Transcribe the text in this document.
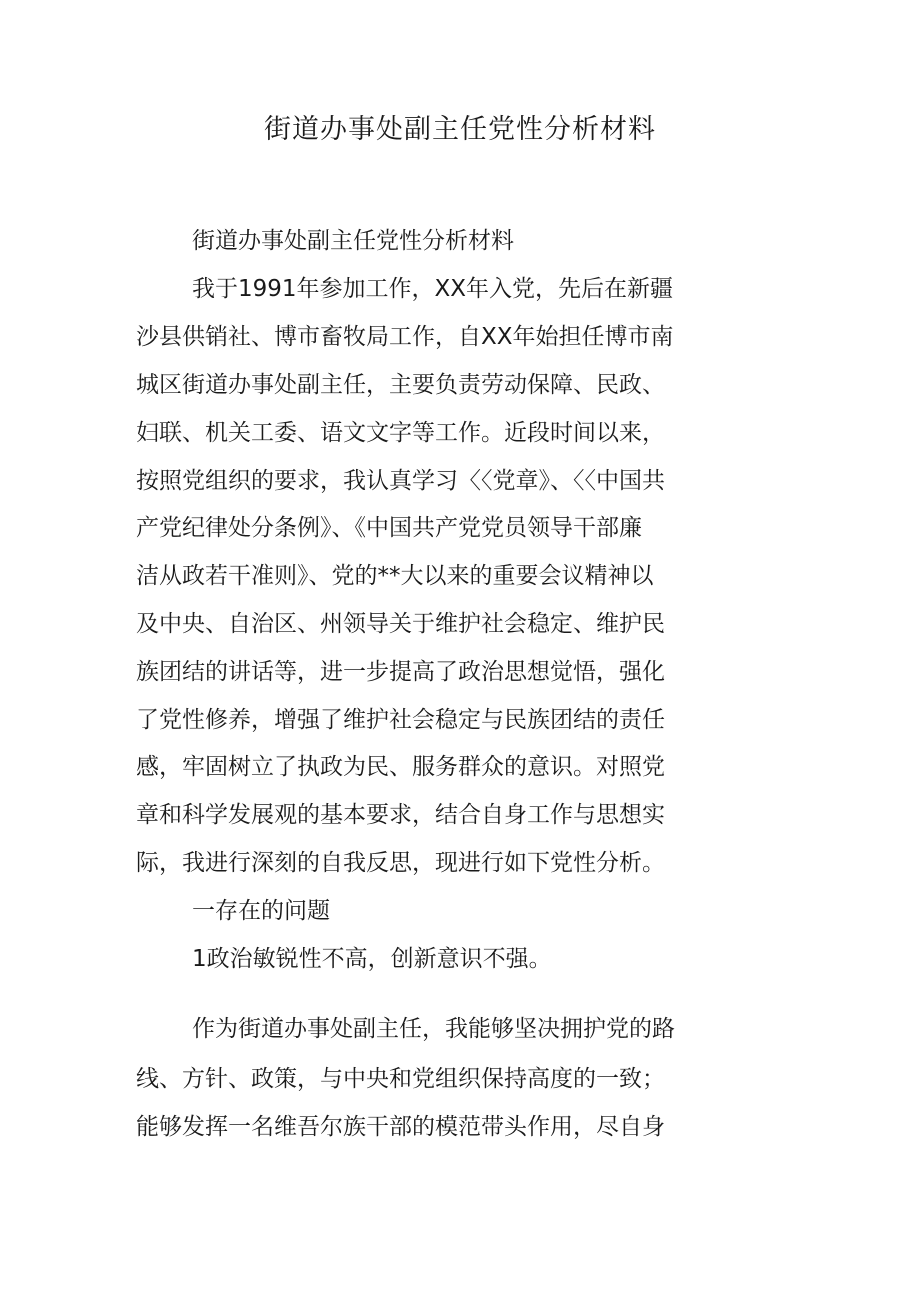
街道办事处副主任党性分析材料
街道办事处副主任党性分析材料
我于1991年参加工作，XX年入党，先后在新疆
沙县供销社、博市畜牧局工作，自XX年始担任博市南
城区街道办事处副主任，主要负责劳动保障、民政、
妇联、机关工委、语文文字等工作。近段时间以来，
按照党组织的要求，我认真学习〈〈党章》、〈〈中国共
产党纪律处分条例》、《中国共产党党员领导干部廉
洁从政若干准则》、党的**大以来的重要会议精神以
及中央、自治区、州领导关于维护社会稳定、维护民
族团结的讲话等，进一步提高了政治思想觉悟，强化
了党性修养，增强了维护社会稳定与民族团结的责任
感，牢固树立了执政为民、服务群众的意识。对照党
章和科学发展观的基本要求，结合自身工作与思想实
际，我进行深刻的自我反思，现进行如下党性分析。
一存在的问题
1政治敏锐性不高，创新意识不强。
作为街道办事处副主任，我能够坚决拥护党的路
线、方针、政策，与中央和党组织保持高度的一致；
能够发挥一名维吾尔族干部的模范带头作用，尽自身
